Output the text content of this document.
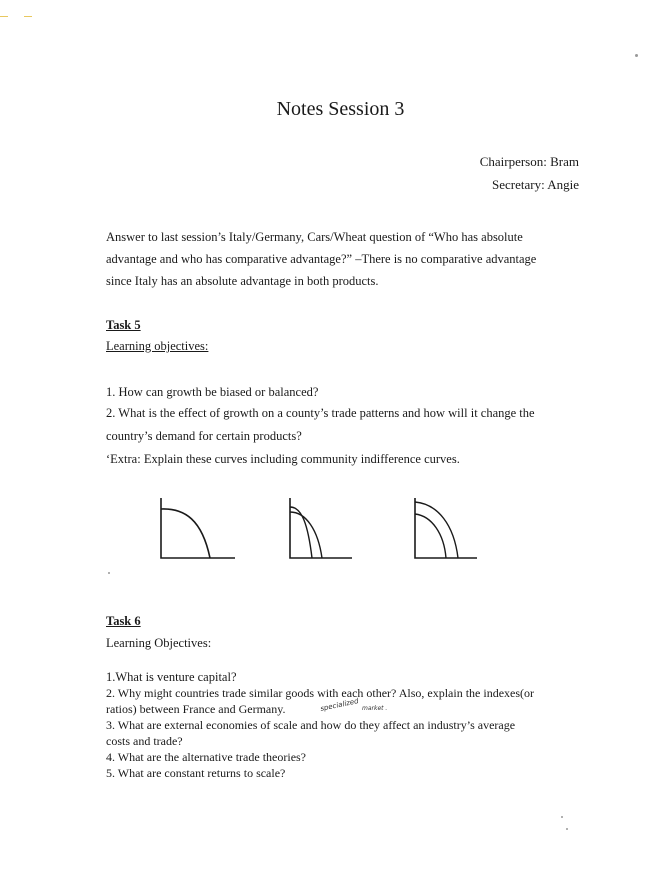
Notes Session 3
Chairperson: Bram
Secretary: Angie
Answer to last session’s Italy/Germany, Cars/Wheat question of “Who has absolute
advantage and who has comparative advantage?” –There is no comparative advantage
since Italy has an absolute advantage in both products.
Task 5
Learning objectives:
1. How can growth be biased or balanced?
2. What is the effect of growth on a county’s trade patterns and how will it change the
country’s demand for certain products?
‘Extra: Explain these curves including community indifference curves.
Task 6
Learning Objectives:
1.What is venture capital?
2. Why might countries trade similar goods with each other? Also, explain the indexes(or
ratios) between France and Germany.	specialized market .
3. What are external economies of scale and how do they affect an industry’s average
costs and trade?
4. What are the alternative trade theories?
5. What are constant returns to scale?
